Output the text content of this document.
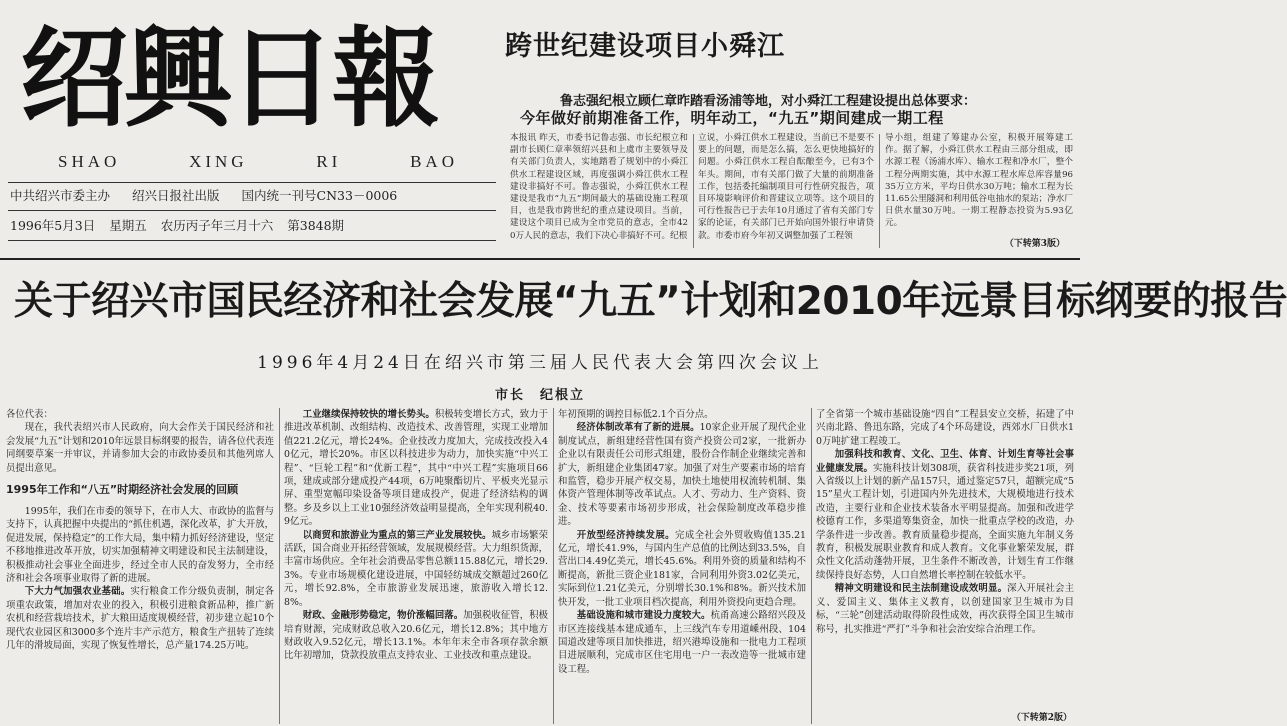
绍興日報
SHAO	XING	RI	BAO
中共绍兴市委主办 绍兴日报社出版 国内统一刊号CN33－0006
1996年5月3日 星期五 农历丙子年三月十六 第3848期
跨世纪建设项目小舜江
鲁志强纪根立顾仁章昨踏看汤浦等地，对小舜江工程建设提出总体要求：
今年做好前期准备工作，明年动工，“九五”期间建成一期工程
本报讯 昨天，市委书记鲁志强、市长纪根立和副市长顾仁章率领绍兴县和上虞市主要领导及有关部门负责人，实地踏看了规划中的小舜江供水工程建设区域，再度强调小舜江供水工程建设非搞好不可。鲁志强说，小舜江供水工程建设是我市“九五”期间最大的基础设施工程项目，也是我市跨世纪的重点建设项目。当前，建设这个项目已成为全市党员的意志，全市420万人民的意志，我们下决心非搞好不可。纪根
立说，小舜江供水工程建设，当前已不是要不要上的问题，而是怎么搞，怎么更快地搞好的问题。小舜江供水工程自酝酿至今，已有3个年头。期间，市有关部门做了大量的前期准备工作，包括委托编制项目可行性研究报告，项目环境影响评价和晋建议立项等。这个项目的可行性报告已于去年10月通过了省有关部门专家的论证，有关部门已开始向国外银行申请贷款。市委市府今年初又调整加强了工程领
导小组，组建了筹建办公室，积极开展筹建工作。据了解，小舜江供水工程由三部分组成，即水源工程（汤浦水库）、输水工程和净水厂，整个工程分两期实施，其中水源工程水库总库容量9635万立方米，平均日供水30万吨；输水工程为长11.65公里隧洞和利用低谷电抽水的泵站；净水厂日供水量30万吨。一期工程静态投资为5.93亿元。
（下转第3版）
关于绍兴市国民经济和社会发展“九五”计划和2010年远景目标纲要的报告
1996年4月24日在绍兴市第三届人民代表大会第四次会议上
市长　纪根立

各位代表：

现在，我代表绍兴市人民政府，向大会作关于国民经济和社会发展“九五”计划和2010年远景目标纲要的报告，请各位代表连同纲要草案一并审议，并请参加大会的市政协委员和其他列席人员提出意见。

1995年工作和“八五”时期经济社会发展的回顾

1995年，我们在市委的领导下，在市人大、市政协的监督与支持下，认真把握中央提出的“抓住机遇，深化改革，扩大开放，促进发展，保持稳定”的工作大局，集中精力抓好经济建设，坚定不移地推进改革开放，切实加强精神文明建设和民主法制建设，积极推动社会事业全面进步，经过全市人民的奋发努力，全市经济和社会各项事业取得了新的进展。

下大力气加强农业基础。实行粮食工作分级负责制，制定各项重农政策，增加对农业的投入，积极引进粮食新品种，推广新农机和经营栽培技术，扩大粮田适度规模经营，初步建立起10个现代农业园区和3000多个连片丰产示范方，粮食生产扭转了连续几年的滑坡局面，实现了恢复性增长，总产量174.25万吨。

工业继续保持较快的增长势头。积极转变增长方式，致力于推进改革机制、改组结构、改造技术、改善管理，实现工业增加值221.2亿元，增长24%。企业技改力度加大，完成技改投入40亿元，增长20%。市区以科技进步为动力，加快实施“中兴工程”、“巨轮工程”和“优新工程”，其中“中兴工程”实施项目66项，建成或部分建成投产44项，6万吨聚酯切片、平板夹光显示屏、重型宽幅印染设备等项目建成投产，促进了经济结构的调整。乡及乡以上工业10强经济效益明显提高，全年实现利税40.9亿元。

以商贸和旅游业为重点的第三产业发展较快。城乡市场繁荣活跃，国合商业开拓经营领域，发展规模经营。大力组织货源，丰富市场供应。全年社会消费品零售总额115.88亿元，增长29.3%。专业市场规模化建设进展，中国轻纺城成交额超过260亿元，增长92.8%，全市旅游业发展迅速，旅游收入增长12.8%。

财政、金融形势稳定，物价涨幅回落。加强税收征管，积极培育财源，完成财政总收入20.6亿元，增长12.8%；其中地方财政收入9.52亿元，增长13.1%。本年年末全市各项存款余额比年初增加，贷款投放重点支持农业、工业技改和重点建设。

年初预期的调控目标低2.1个百分点。

经济体制改革有了新的进展。10家企业开展了现代企业制度试点，新组建经营性国有资产投资公司2家，一批新办企业以有限责任公司形式组建，股份合作制企业继续完善和扩大，新组建企业集团47家。加强了对生产要素市场的培育和监管，稳步开展产权交易，加快土地使用权流转机制、集体资产管理体制等改革试点。人才、劳动力、生产资料、资金、技术等要素市场初步形成，社会保险制度改革稳步推进。

开放型经济持续发展。完成全社会外贸收购值135.21亿元，增长41.9%，与国内生产总值的比例达到33.5%，自营出口4.49亿美元，增长45.6%。利用外资的质量和结构不断提高，新批三资企业181家，合同利用外资3.02亿美元，实际到位1.21亿美元，分别增长30.1%和8%。新兴技术加快开发，一批工业项目档次提高，利用外资投向更趋合理。

基础设施和城市建设力度较大。杭甬高速公路绍兴段及市区连接线基本建成通车，上三线汽车专用道嵊州段、104国道改建等项目加快推进，绍兴港埠设施和一批电力工程项目进展顺利，完成市区住宅用电一户一表改造等一批城市建设工程。

了全省第一个城市基础设施“四自”工程县安立交桥，拓建了中兴南北路、鲁迅东路，完成了4个环岛建设，西郊水厂日供水10万吨扩建工程竣工。

加强科技和教育、文化、卫生、体育、计划生育等社会事业健康发展。实施科技计划308项，获省科技进步奖21项，列入省级以上计划的新产品157只，通过鉴定57只，超额完成“515”星火工程计划，引进国内外先进技术，大规模地进行技术改造，主要行业和企业技术装备水平明显提高。加强和改进学校德育工作，多渠道筹集资金，加快一批重点学校的改造，办学条件进一步改善。教育质量稳步提高，全面实施九年制义务教育，积极发展职业教育和成人教育。文化事业繁荣发展，群众性文化活动蓬勃开展，卫生条件不断改善，计划生育工作继续保持良好态势，人口自然增长率控制在较低水平。

精神文明建设和民主法制建设成效明显。深入开展社会主义、爱国主义、集体主义教育，以创建国家卫生城市为目标，“三轮”创建活动取得阶段性成效，再次获得全国卫生城市称号，扎实推进“严打”斗争和社会治安综合治理工作。

（下转第2版）
